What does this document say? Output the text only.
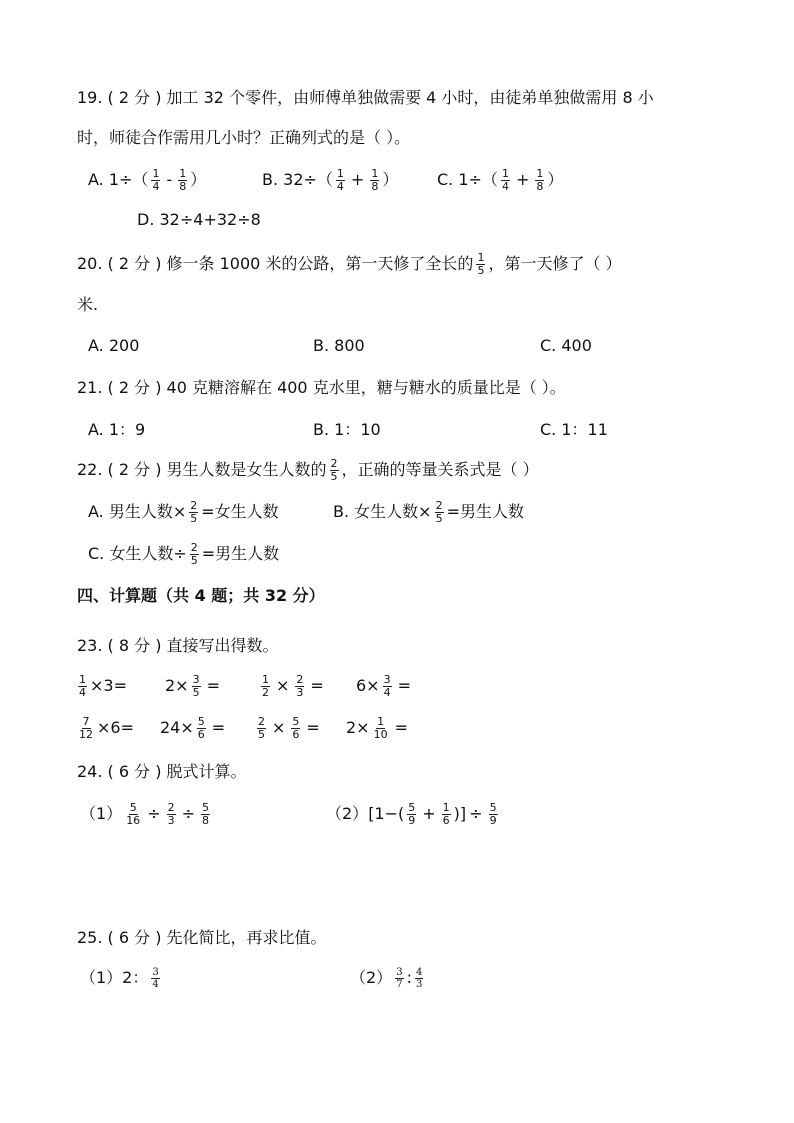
19. ( 2 分 ) 加工 32 个零件，由师傅单独做需要 4 小时，由徒弟单独做需用 8 小
时，师徒合作需用几小时？正确列式的是（ ）。
A. $1\div( \frac{1}{4} - \frac{1}{8}$ ）	B. $32\div( \frac{1}{4} + \frac{1}{8}$ ） C. $1\div( \frac{1}{4} + \frac{1}{8}$ ）
D. 32÷4+32÷8
20. ( 2 分 ) 修一条 1000 米的公路，第一天修了全长的 $\frac{1}{5}$ ，第一天修了（ ）
米.
A. 200	B. 800	C. 400
21. ( 2 分 ) 40 克糖溶解在 400 克水里，糖与糖水的质量比是（ ）。
A. 1：9	B. 1：10	C. 1：11
22. ( 2 分 ) 男生人数是女生人数的 $\frac{2}{5}$ ，正确的等量关系式是（ ）
A. 男生人数× $\frac{2}{5}$ =女生人数	B. 女生人数× $\frac{2}{5}$ =男生人数
C. 女生人数÷ $\frac{2}{5}$ =男生人数
四、计算题（共 4 题；共 32 分）
23. ( 8 分 ) 直接写出得数。
$\frac{1}{4} \times 3= 2\times \frac{3}{5}$ =	$\frac{1}{2} \times \frac{2}{3} = 6\times \frac{3}{4}$ =
$\frac{7}{12} \times 6= 24\times \frac{5}{6}$ =	$\frac{2}{5} \times \frac{5}{6} = 2\times \frac{1}{10}$ =
24. ( 6 分 ) 脱式计算。
$(1) \frac{5}{16} \div \frac{2}{3} \div \frac{5}{8}$	$(2)[1-( \frac{5}{9} + \frac{1}{6}$ )] ÷ $\frac{5}{9}$
25. ( 6 分 ) 先化简比，再求比值。
（1）2： $\frac{3}{4}$	$(2) \frac{3}{7}$ : $\frac{4}{3}$
